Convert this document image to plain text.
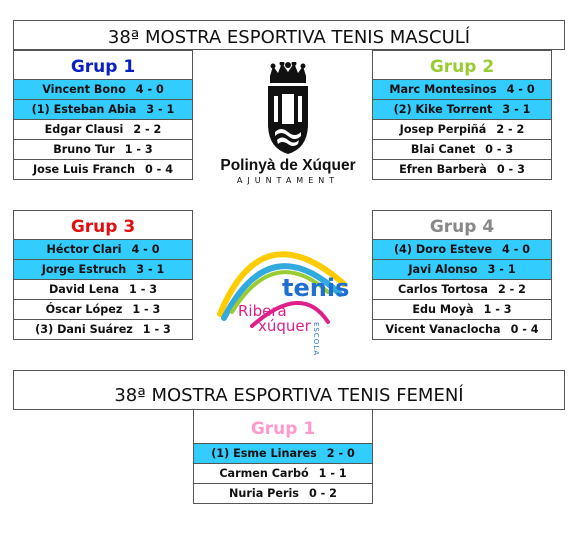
38ª MOSTRA ESPORTIVA TENIS MASCULÍ
Grup 1
Vincent Bono 4 - 0
(1) Esteban Abia 3 - 1
Edgar Clausi 2 - 2
Bruno Tur 1 - 3
Jose Luis Franch 0 - 4
Grup 2
Marc Montesinos 4 - 0
(2) Kike Torrent 3 - 1
Josep Perpiñá 2 - 2
Blai Canet 0 - 3
Efren Barberà 0 - 3
Polinyà de Xúquer
AJUNTAMENT
Grup 3
Héctor Clari 4 - 0
Jorge Estruch 3 - 1
David Lena 1 - 3
Óscar López 1 - 3
(3) Dani Suárez 1 - 3
Grup 4
(4) Doro Esteve 4 - 0
Javi Alonso 3 - 1
Carlos Tortosa 2 - 2
Edu Moyà 1 - 3
Vicent Vanaclocha 0 - 4
tenis
Ribera
xúquer ESCOLA
38ª MOSTRA ESPORTIVA TENIS FEMENÍ
Grup 1
(1) Esme Linares 2 - 0
Carmen Carbó 1 - 1
Nuria Peris 0 - 2
